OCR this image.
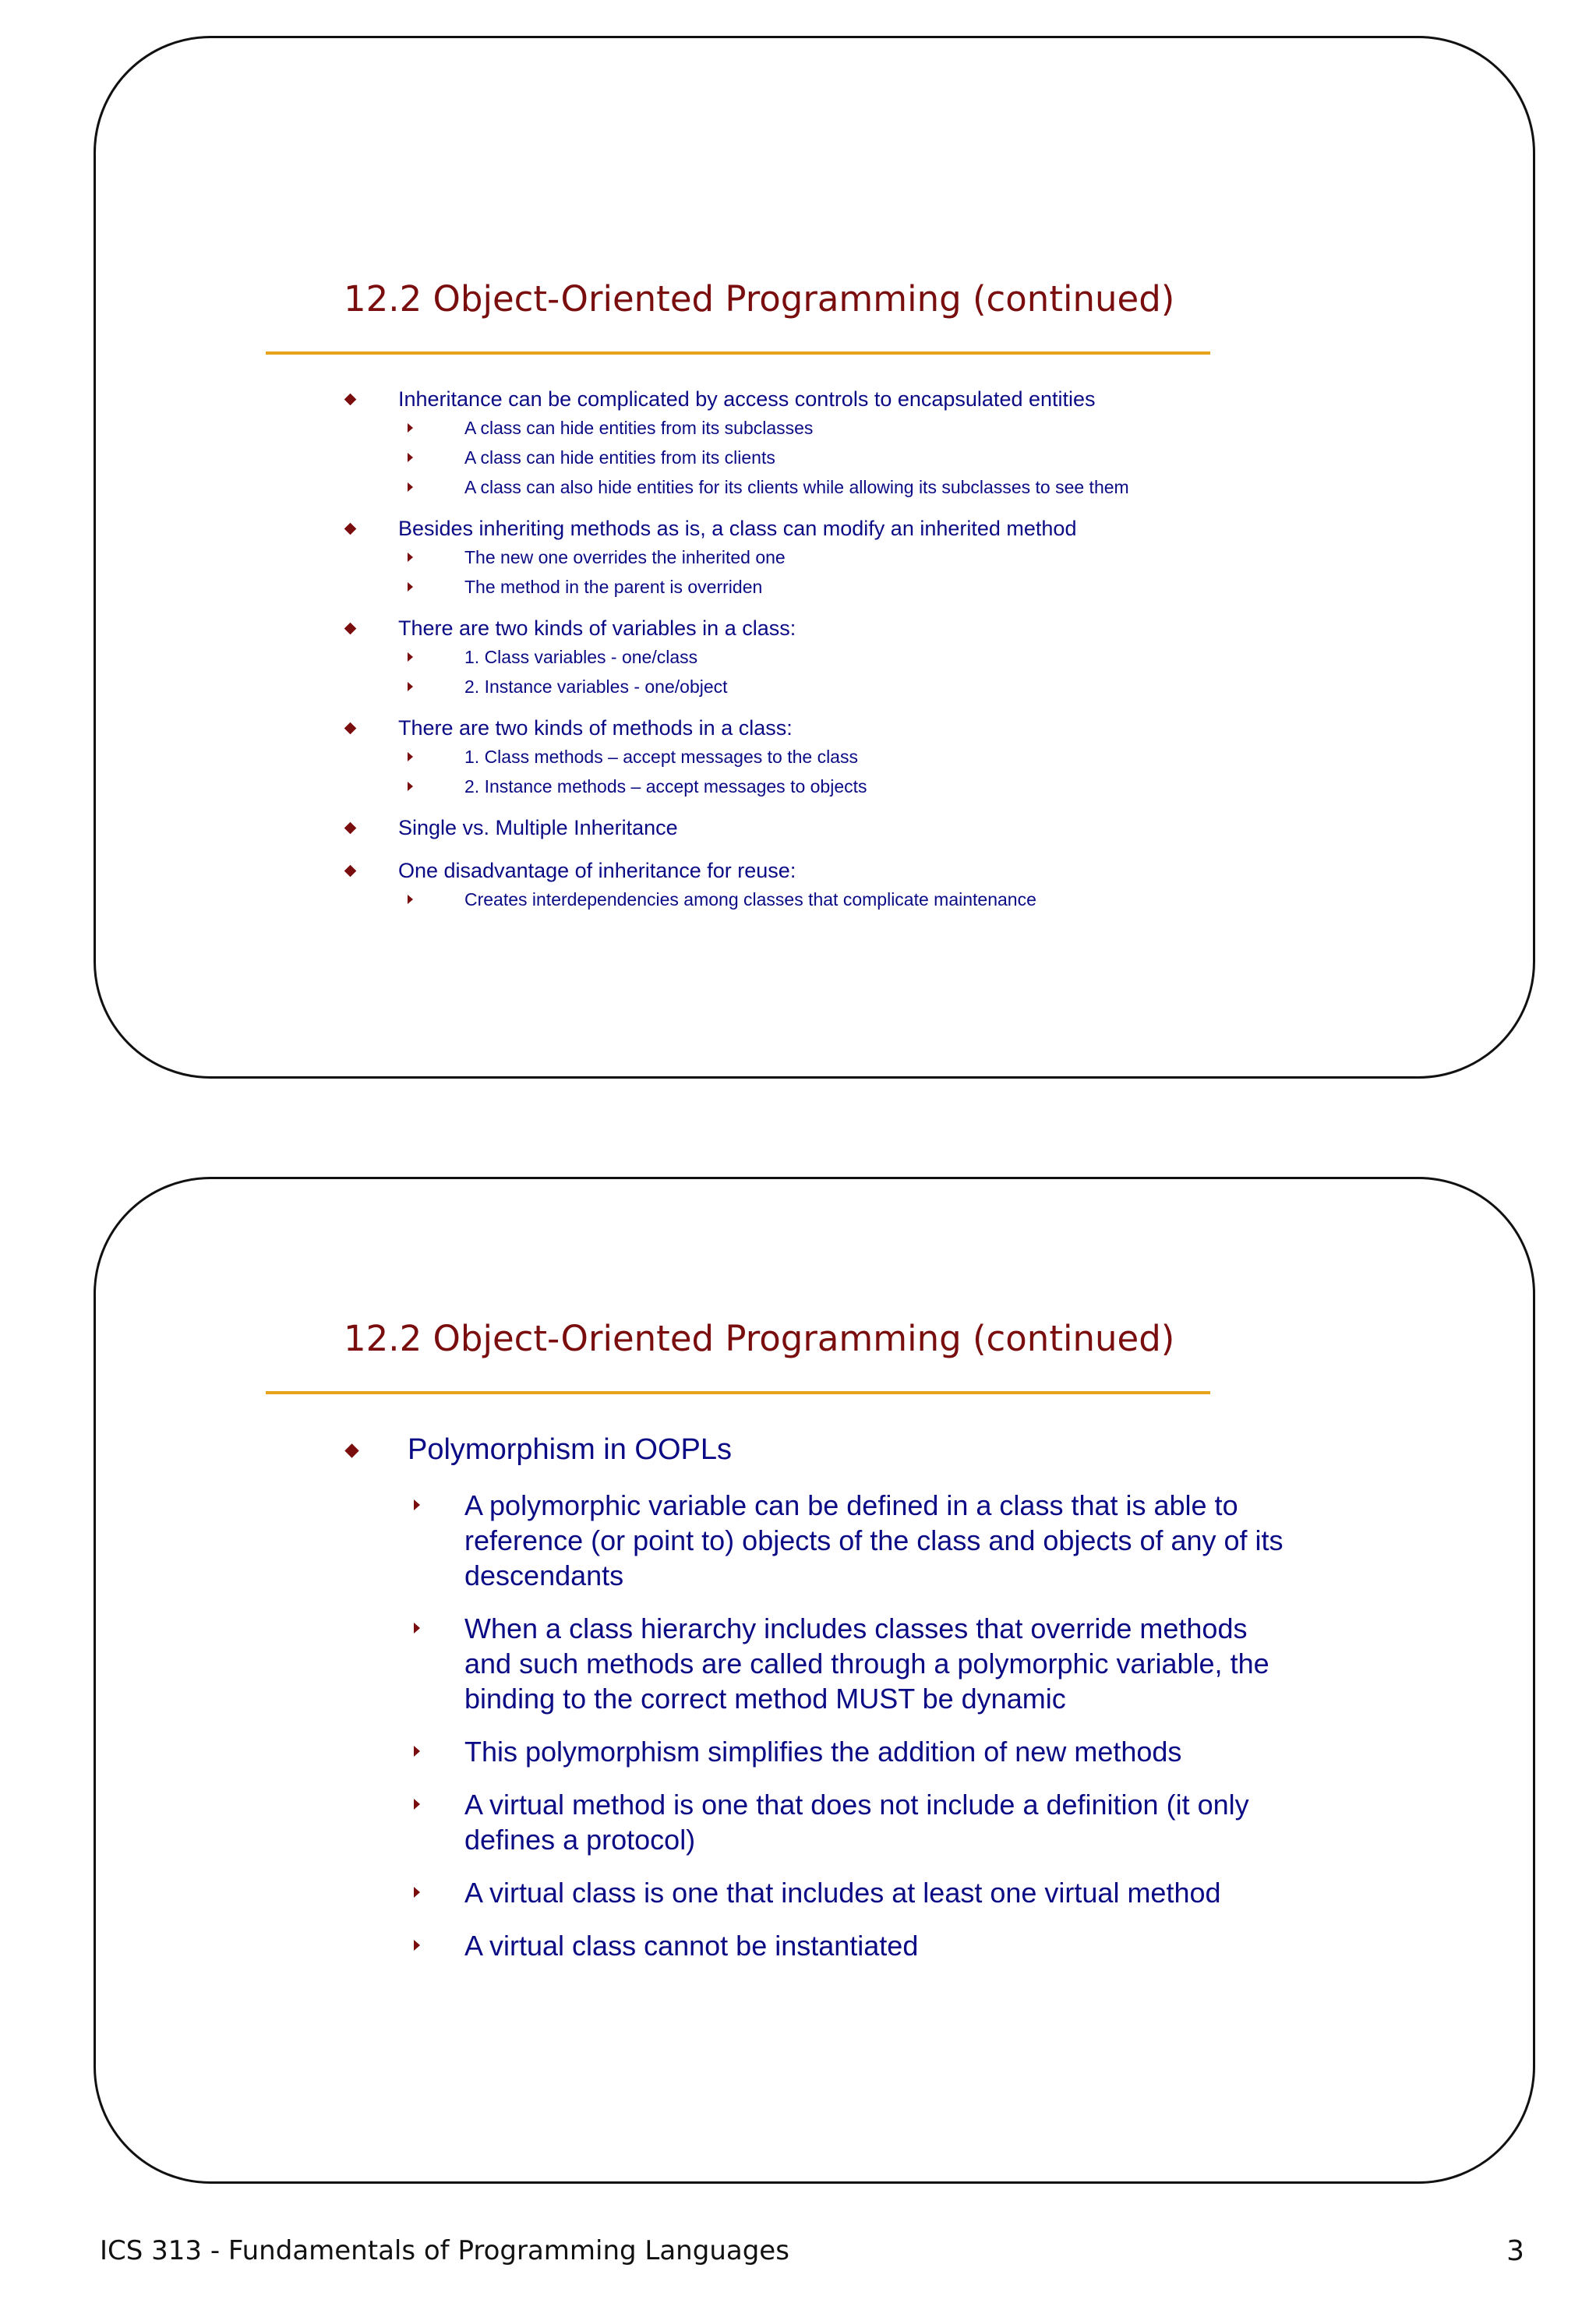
12.2 Object-Oriented Programming (continued)
Inheritance can be complicated by access controls to encapsulated entities
A class can hide entities from its subclasses
A class can hide entities from its clients
A class can also hide entities for its clients while allowing its subclasses to see them
Besides inheriting methods as is, a class can modify an inherited method
The new one overrides the inherited one
The method in the parent is overriden
There are two kinds of variables in a class:
1. Class variables - one/class
2. Instance variables - one/object
There are two kinds of methods in a class:
1. Class methods – accept messages to the class
2. Instance methods – accept messages to objects
Single vs. Multiple Inheritance
One disadvantage of inheritance for reuse:
Creates interdependencies among classes that complicate maintenance
12.2 Object-Oriented Programming (continued)
Polymorphism in OOPLs
A polymorphic variable can be defined in a class that is able to reference (or point to) objects of the class and objects of any of its descendants
When a class hierarchy includes classes that override methods and such methods are called through a polymorphic variable, the binding to the correct method MUST be dynamic
This polymorphism simplifies the addition of new methods
A virtual method is one that does not include a definition (it only defines a protocol)
A virtual class is one that includes at least one virtual method
A virtual class cannot be instantiated
ICS 313 - Fundamentals of Programming Languages	3
